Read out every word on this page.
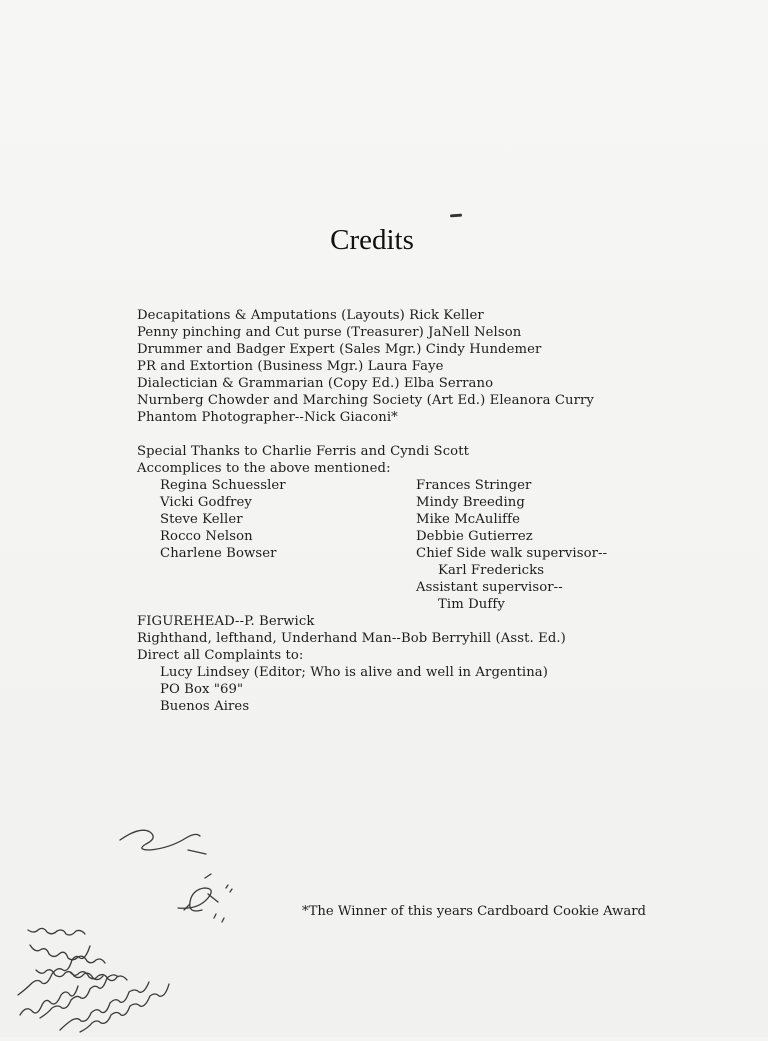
Credits
Decapitations & Amputations (Layouts) Rick Keller
Penny pinching and Cut purse (Treasurer) JaNell Nelson
Drummer and Badger Expert (Sales Mgr.) Cindy Hundemer
PR and Extortion (Business Mgr.) Laura Faye
Dialectician & Grammarian (Copy Ed.) Elba Serrano
Nurnberg Chowder and Marching Society (Art Ed.) Eleanora Curry
Phantom Photographer--Nick Giaconi*
Special Thanks to Charlie Ferris and Cyndi Scott
Accomplices to the above mentioned:
Regina Schuessler
Vicki Godfrey
Steve Keller
Rocco Nelson
Charlene Bowser
Frances Stringer
Mindy Breeding
Mike McAuliffe
Debbie Gutierrez
Chief Side walk supervisor--
Karl Fredericks
Assistant supervisor--
Tim Duffy
FIGUREHEAD--P. Berwick
Righthand, lefthand, Underhand Man--Bob Berryhill (Asst. Ed.)
Direct all Complaints to:
Lucy Lindsey (Editor; Who is alive and well in Argentina)
PO Box "69"
Buenos Aires
*The Winner of this years Cardboard Cookie Award
